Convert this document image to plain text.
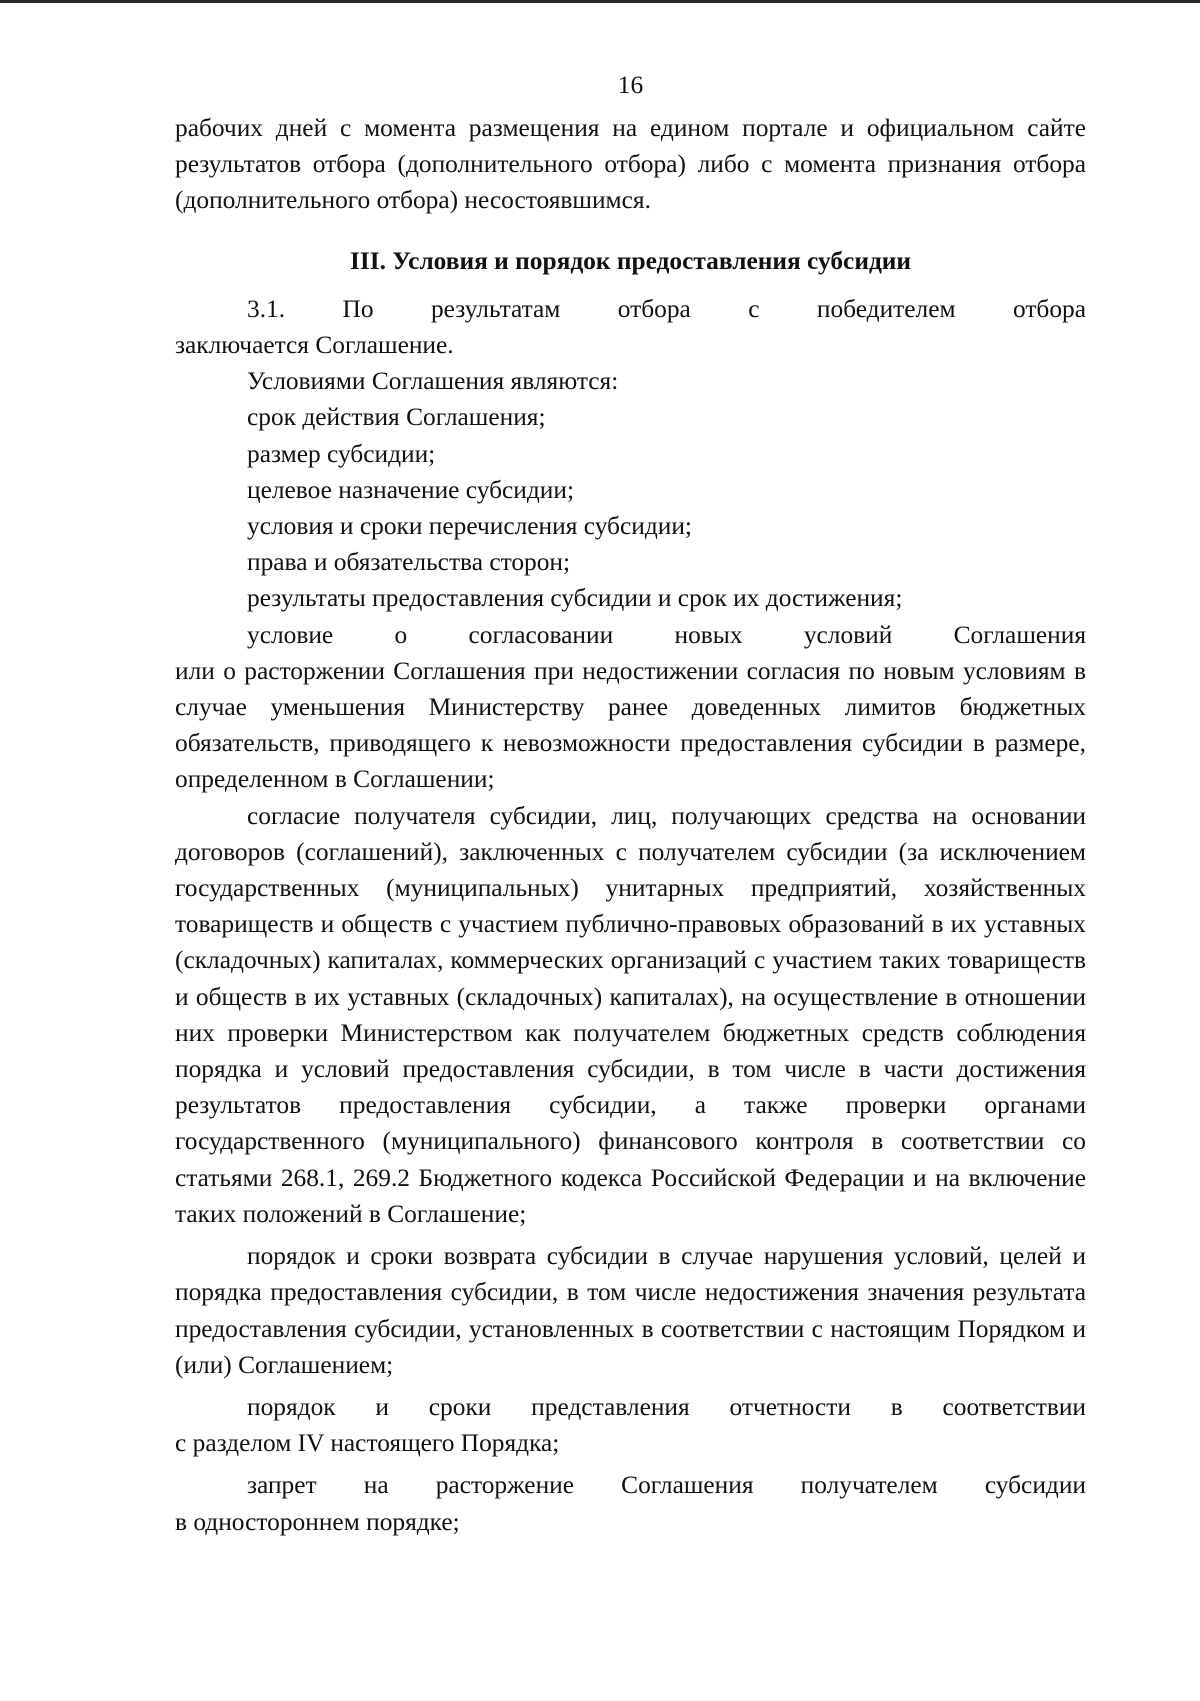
16

рабочих дней с момента размещения на едином портале и официальном сайте результатов отбора (дополнительного отбора) либо с момента признания отбора (дополнительного отбора) несостоявшимся.

III. Условия и порядок предоставления субсидии

3.1. По результатам отбора с победителем отбора

заключается Соглашение.

Условиями Соглашения являются:

срок действия Соглашения;

размер субсидии;

целевое назначение субсидии;

условия и сроки перечисления субсидии;

права и обязательства сторон;

результаты предоставления субсидии и срок их достижения;

условие о согласовании новых условий Соглашения

или о расторжении Соглашения при недостижении согласия по новым условиям в случае уменьшения Министерству ранее доведенных лимитов бюджетных обязательств, приводящего к невозможности предоставления субсидии в размере, определенном в Соглашении;

согласие получателя субсидии, лиц, получающих средства на основании договоров (соглашений), заключенных с получателем субсидии (за исключением государственных (муниципальных) унитарных предприятий, хозяйственных товариществ и обществ с участием публично-правовых образований в их уставных (складочных) капиталах, коммерческих организаций с участием таких товариществ и обществ в их уставных (складочных) капиталах), на осуществление в отношении них проверки Министерством как получателем бюджетных средств соблюдения порядка и условий предоставления субсидии, в том числе в части достижения результатов предоставления субсидии, а также проверки органами государственного (муниципального) финансового контроля в соответствии со статьями 268.1, 269.2 Бюджетного кодекса Российской Федерации и на включение таких положений в Соглашение;

порядок и сроки возврата субсидии в случае нарушения условий, целей и порядка предоставления субсидии, в том числе недостижения значения результата предоставления субсидии, установленных в соответствии с настоящим Порядком и (или) Соглашением;

порядок и сроки представления отчетности в соответствии

с разделом IV настоящего Порядка;

запрет на расторжение Соглашения получателем субсидии

в одностороннем порядке;
